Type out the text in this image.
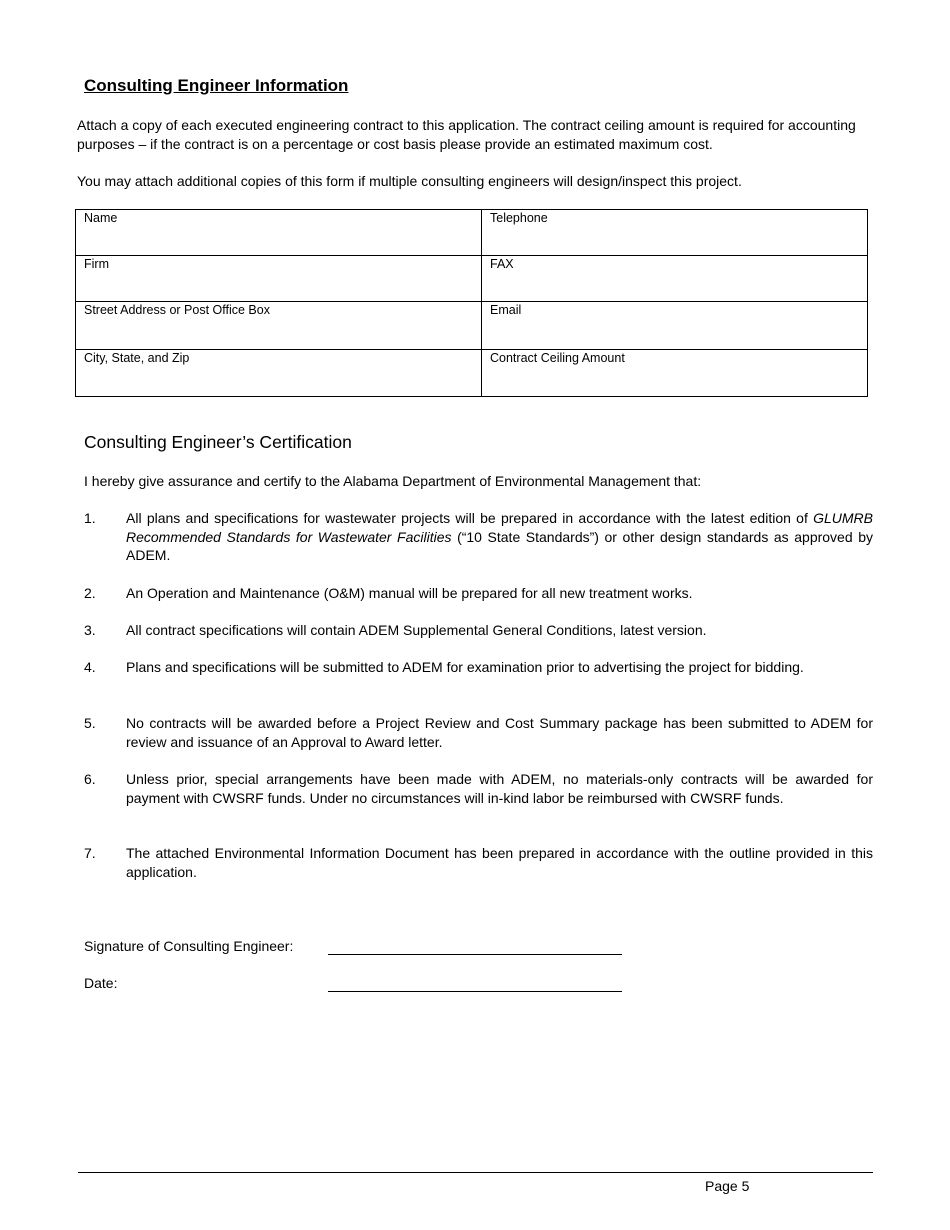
Consulting Engineer Information
Attach a copy of each executed engineering contract to this application. The contract ceiling amount is required for accounting purposes – if the contract is on a percentage or cost basis please provide an estimated maximum cost.
You may attach additional copies of this form if multiple consulting engineers will design/inspect this project.
Name	Telephone
Firm	FAX
Street Address or Post Office Box	Email
City, State, and Zip	Contract Ceiling Amount
Consulting Engineer’s Certification
I hereby give assurance and certify to the Alabama Department of Environmental Management that:
1.	All plans and specifications for wastewater projects will be prepared in accordance with the latest edition of GLUMRB Recommended Standards for Wastewater Facilities (“10 State Standards”) or other design standards as approved by ADEM.
2.	An Operation and Maintenance (O&M) manual will be prepared for all new treatment works.
3.	All contract specifications will contain ADEM Supplemental General Conditions, latest version.
4.	Plans and specifications will be submitted to ADEM for examination prior to advertising the project for bidding.
5.	No contracts will be awarded before a Project Review and Cost Summary package has been submitted to ADEM for review and issuance of an Approval to Award letter.
6.	Unless prior, special arrangements have been made with ADEM, no materials-only contracts will be awarded for payment with CWSRF funds. Under no circumstances will in-kind labor be reimbursed with CWSRF funds.
7.	The attached Environmental Information Document has been prepared in accordance with the outline provided in this application.
Signature of Consulting Engineer:
Date:
Page 5
